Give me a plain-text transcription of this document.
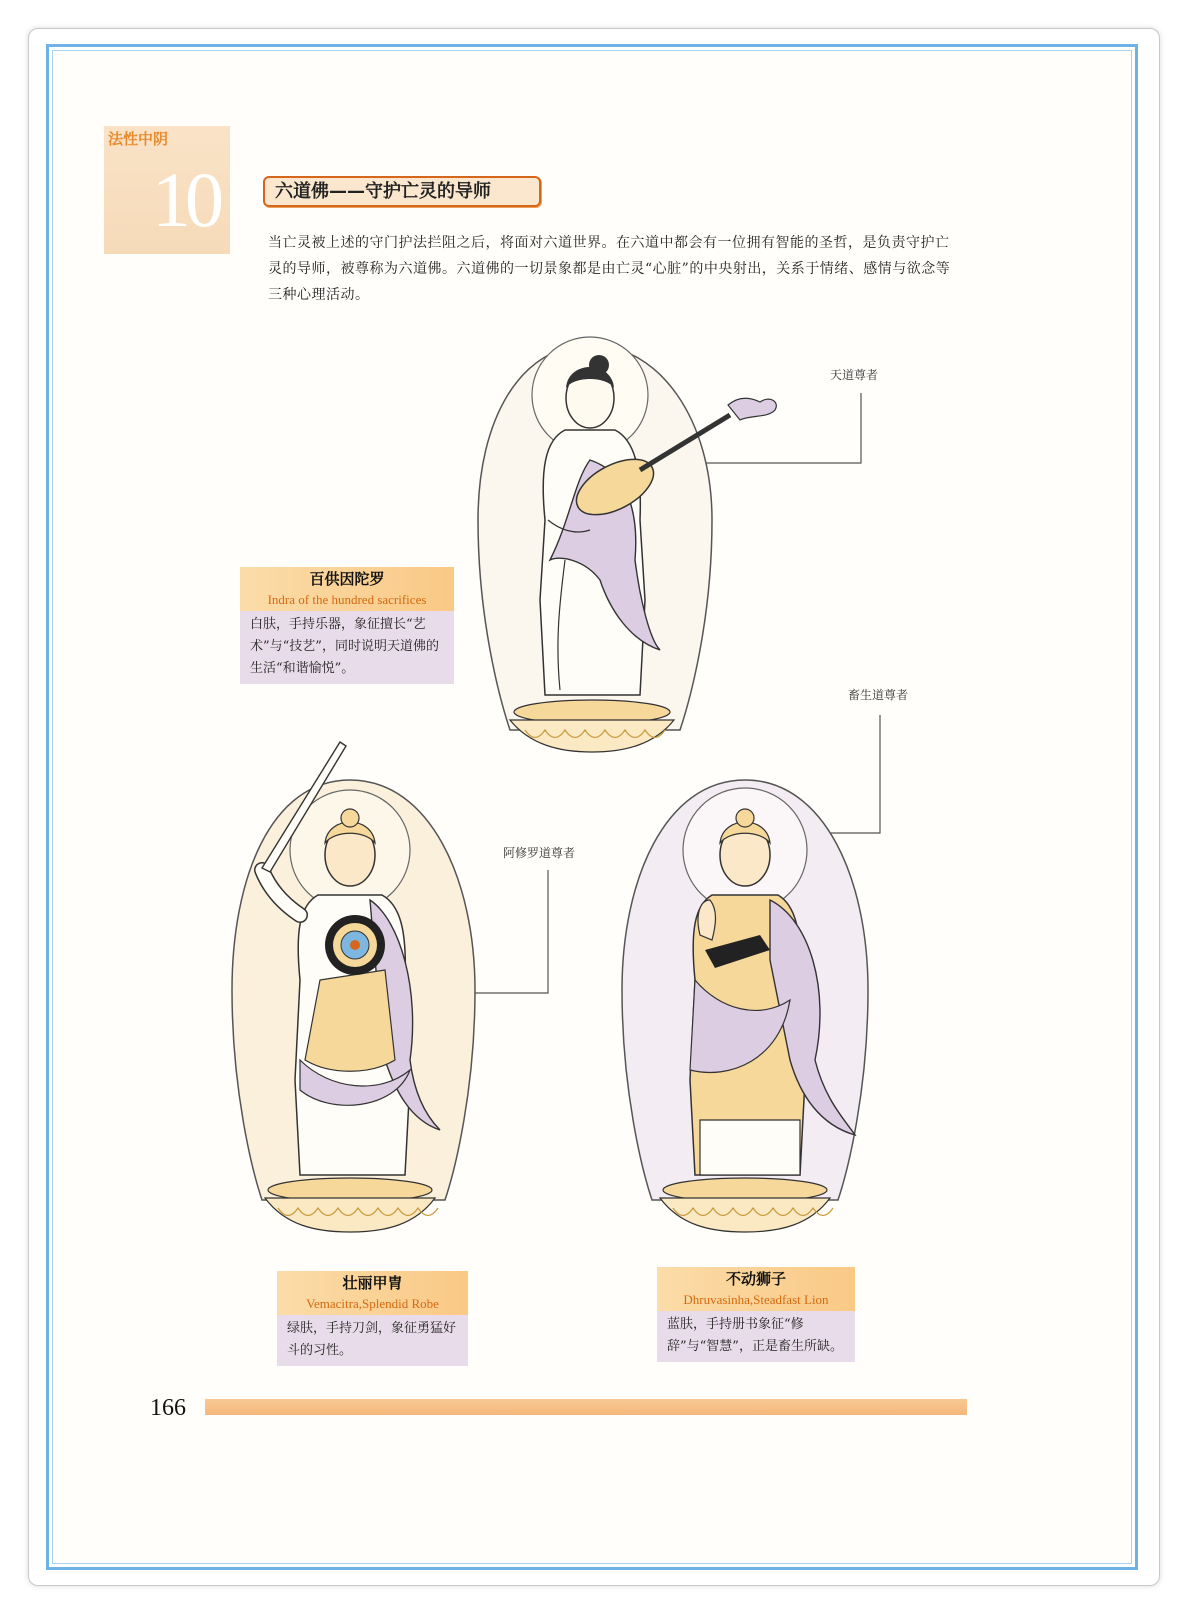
法性中阴
10	六道佛——守护亡灵的导师
当亡灵被上述的守门护法拦阻之后，将面对六道世界。在六道中都会有一位拥有智能的圣哲，是负责守护亡灵的导师，被尊称为六道佛。六道佛的一切景象都是由亡灵“心脏”的中央射出，关系于情绪、感情与欲念等三种心理活动。
天道尊者
畜生道尊者
阿修罗道尊者
百供因陀罗
Indra of the hundred sacrifices
白肤，手持乐器，象征擅长“艺术”与“技艺”，同时说明天道佛的生活“和谐愉悦”。
壮丽甲胄
Vemacitra,Splendid Robe
绿肤，手持刀剑，象征勇猛好斗的习性。
不动狮子
Dhruvasinha,Steadfast Lion
蓝肤，手持册书象征“修辞”与“智慧”，正是畜生所缺。
166
